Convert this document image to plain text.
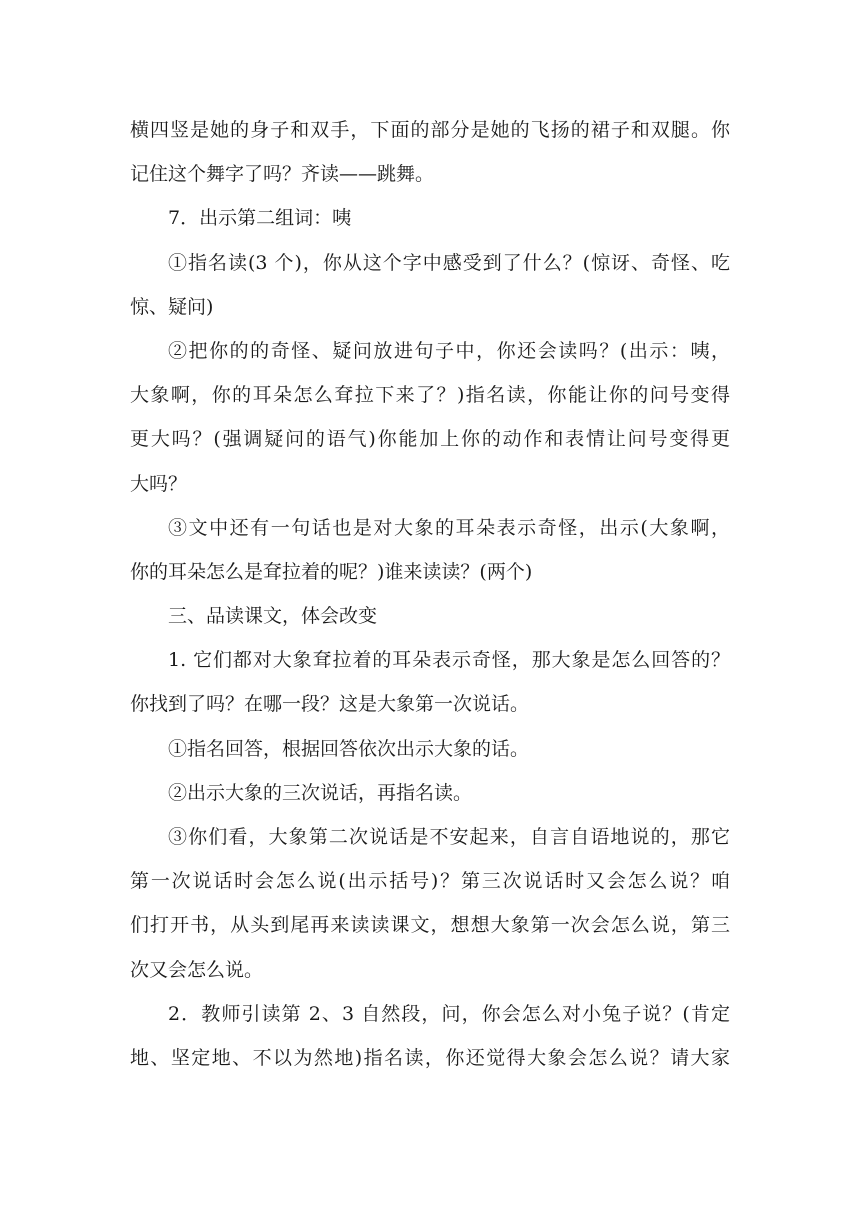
横四竖是她的身子和双手，下面的部分是她的飞扬的裙子和双腿。你
记住这个舞字了吗？齐读——跳舞。
7．出示第二组词：咦
①指名读(3 个)，你从这个字中感受到了什么？(惊讶、奇怪、吃
惊、疑问)
②把你的的奇怪、疑问放进句子中，你还会读吗？(出示：咦，
大象啊，你的耳朵怎么耷拉下来了？)指名读，你能让你的问号变得
更大吗？(强调疑问的语气)你能加上你的动作和表情让问号变得更
大吗？
③文中还有一句话也是对大象的耳朵表示奇怪，出示(大象啊，
你的耳朵怎么是耷拉着的呢？)谁来读读？(两个)
三、品读课文，体会改变
1. 它们都对大象耷拉着的耳朵表示奇怪，那大象是怎么回答的？
你找到了吗？在哪一段？这是大象第一次说话。
①指名回答，根据回答依次出示大象的话。
②出示大象的三次说话，再指名读。
③你们看，大象第二次说话是不安起来，自言自语地说的，那它
第一次说话时会怎么说(出示括号)？第三次说话时又会怎么说？咱
们打开书，从头到尾再来读读课文，想想大象第一次会怎么说，第三
次又会怎么说。
2．教师引读第 2、3 自然段，问，你会怎么对小兔子说？(肯定
地、坚定地、不以为然地)指名读，你还觉得大象会怎么说？请大家
